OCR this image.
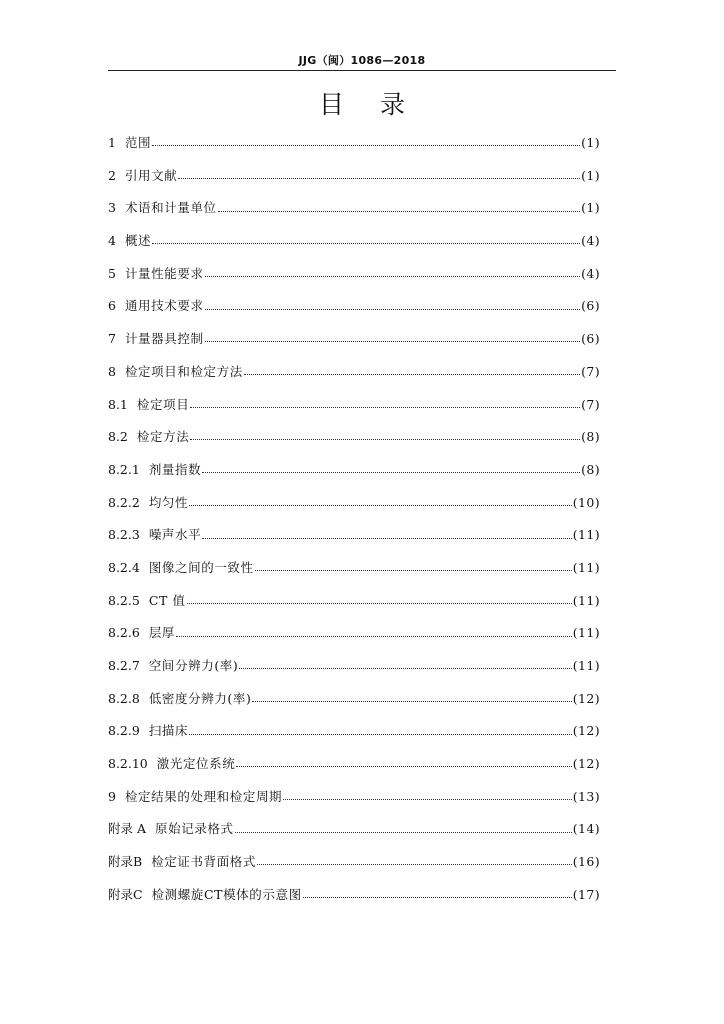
JJG（闽）1086—2018
目 录
1 范围	(1)
2 引用文献	(1)
3 术语和计量单位	(1)
4 概述	(4)
5 计量性能要求	(4)
6 通用技术要求	(6)
7 计量器具控制	(6)
8 检定项目和检定方法	(7)
8.1 检定项目	(7)
8.2 检定方法	(8)
8.2.1 剂量指数	(8)
8.2.2 均匀性	(10)
8.2.3 噪声水平	(11)
8.2.4 图像之间的一致性	(11)
8.2.5 CT 值	(11)
8.2.6 层厚	(11)
8.2.7 空间分辨力(率)	(11)
8.2.8 低密度分辨力(率)	(12)
8.2.9 扫描床	(12)
8.2.10 激光定位系统	(12)
9 检定结果的处理和检定周期	(13)
附录 A 原始记录格式	(14)
附录B 检定证书背面格式	(16)
附录C 检测螺旋CT模体的示意图	(17)
